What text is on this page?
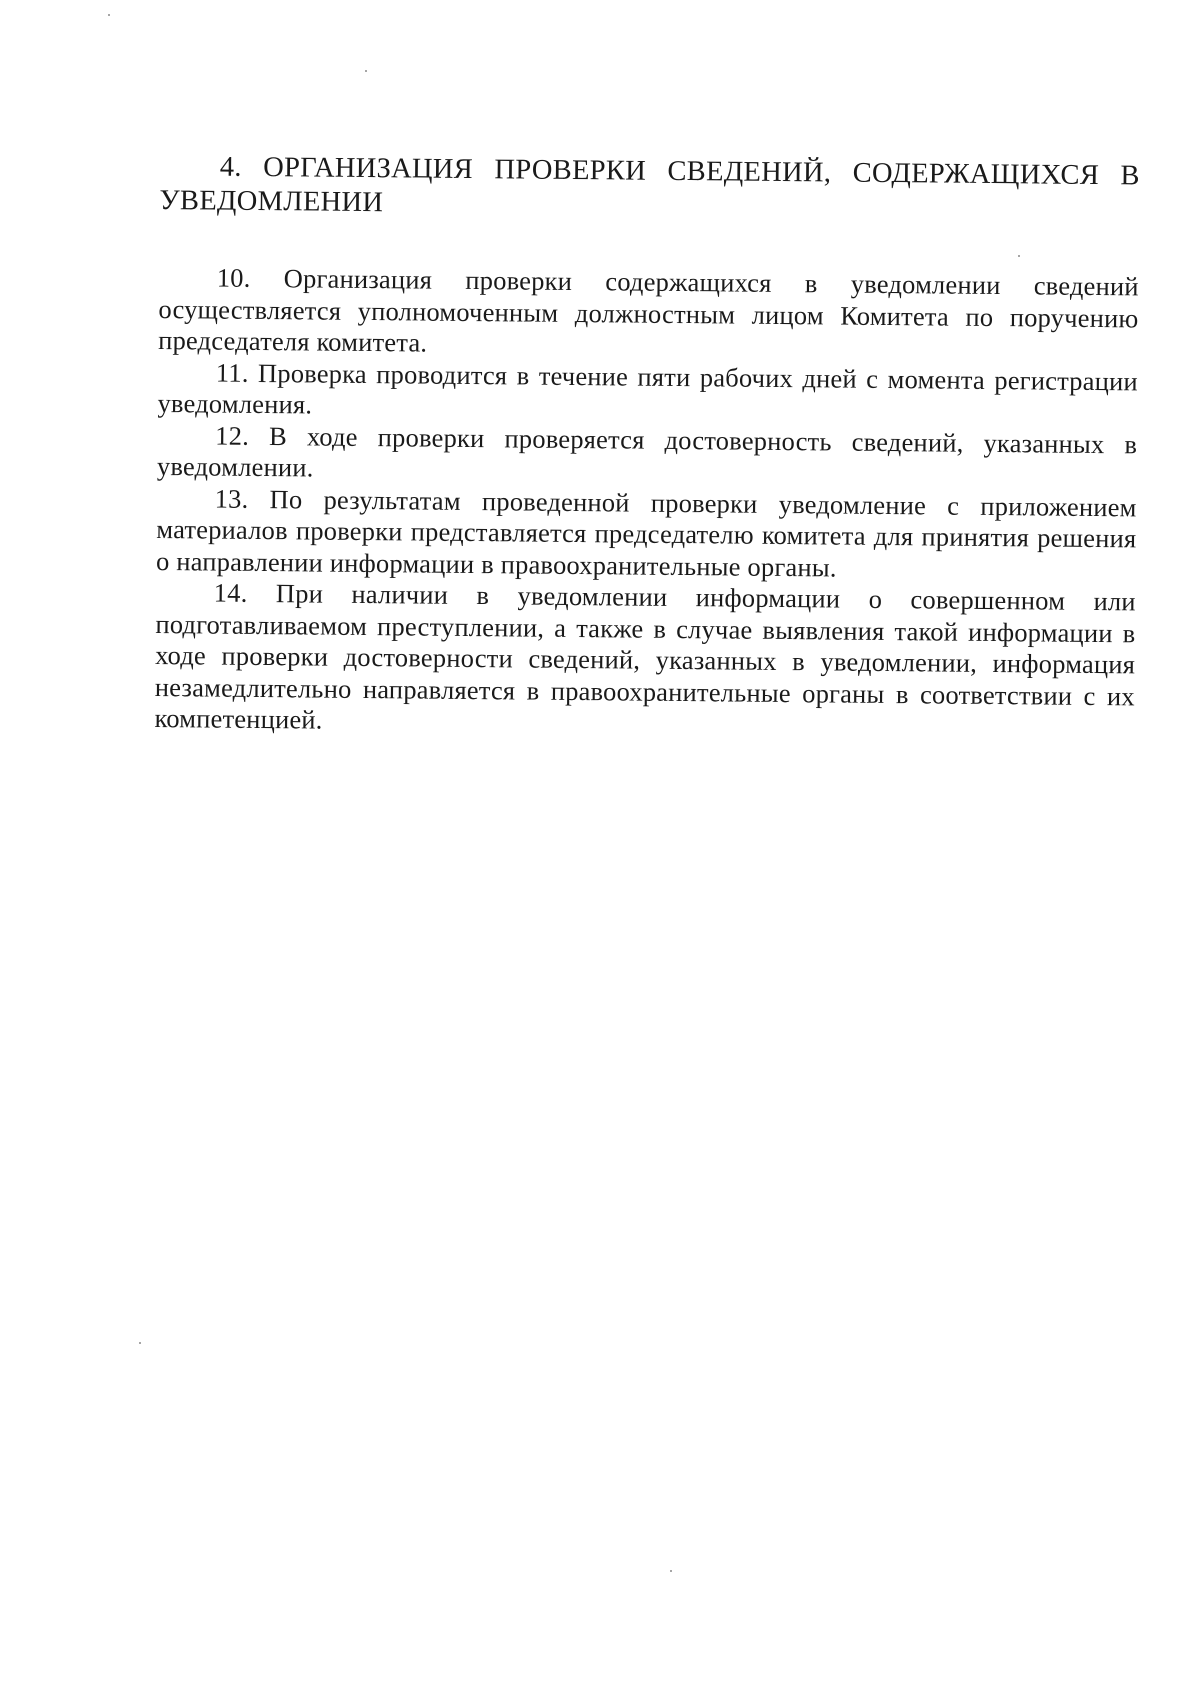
4. ОРГАНИЗАЦИЯ ПРОВЕРКИ СВЕДЕНИЙ, СОДЕРЖАЩИХСЯ В УВЕДОМЛЕНИИ

10. Организация проверки содержащихся в уведомлении сведений осуществляется уполномоченным должностным лицом Комитета по поручению председателя комитета.

11. Проверка проводится в течение пяти рабочих дней с момента регистрации уведомления.

12. В ходе проверки проверяется достоверность сведений, указанных в уведомлении.

13. По результатам проведенной проверки уведомление с приложением материалов проверки представляется председателю комитета для принятия решения о направлении информации в правоохранительные органы.

14. При наличии в уведомлении информации о совершенном или подготавливаемом преступлении, а также в случае выявления такой информации в ходе проверки достоверности сведений, указанных в уведомлении, информация незамедлительно направляется в правоохранительные органы в соответствии с их компетенцией.
